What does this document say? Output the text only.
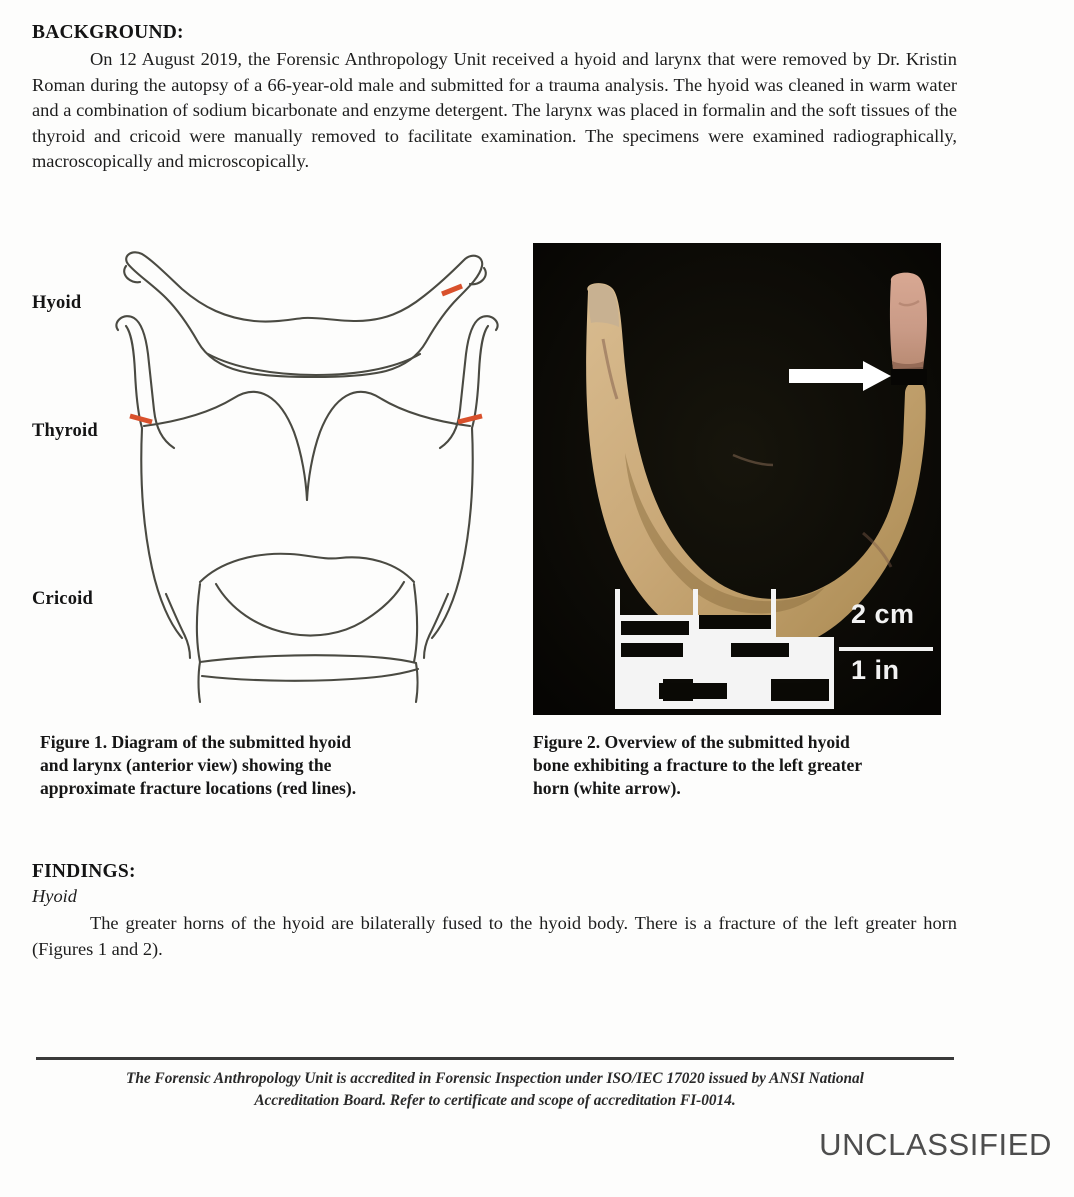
BACKGROUND:
On 12 August 2019, the Forensic Anthropology Unit received a hyoid and larynx that were removed by Dr. Kristin Roman during the autopsy of a 66-year-old male and submitted for a trauma analysis. The hyoid was cleaned in warm water and a combination of sodium bicarbonate and enzyme detergent. The larynx was placed in formalin and the soft tissues of the thyroid and cricoid were manually removed to facilitate examination. The specimens were examined radiographically, macroscopically and microscopically.
Hyoid
Thyroid
Cricoid	2 cm
1 in
Figure 1. Diagram of the submitted hyoid
and larynx (anterior view) showing the
approximate fracture locations (red lines).
Figure 2. Overview of the submitted hyoid
bone exhibiting a fracture to the left greater
horn (white arrow).
FINDINGS:
Hyoid
The greater horns of the hyoid are bilaterally fused to the hyoid body. There is a fracture of the left greater horn (Figures 1 and 2).
The Forensic Anthropology Unit is accredited in Forensic Inspection under ISO/IEC 17020 issued by ANSI National
Accreditation Board. Refer to certificate and scope of accreditation FI-0014.
UNCLASSIFIED
